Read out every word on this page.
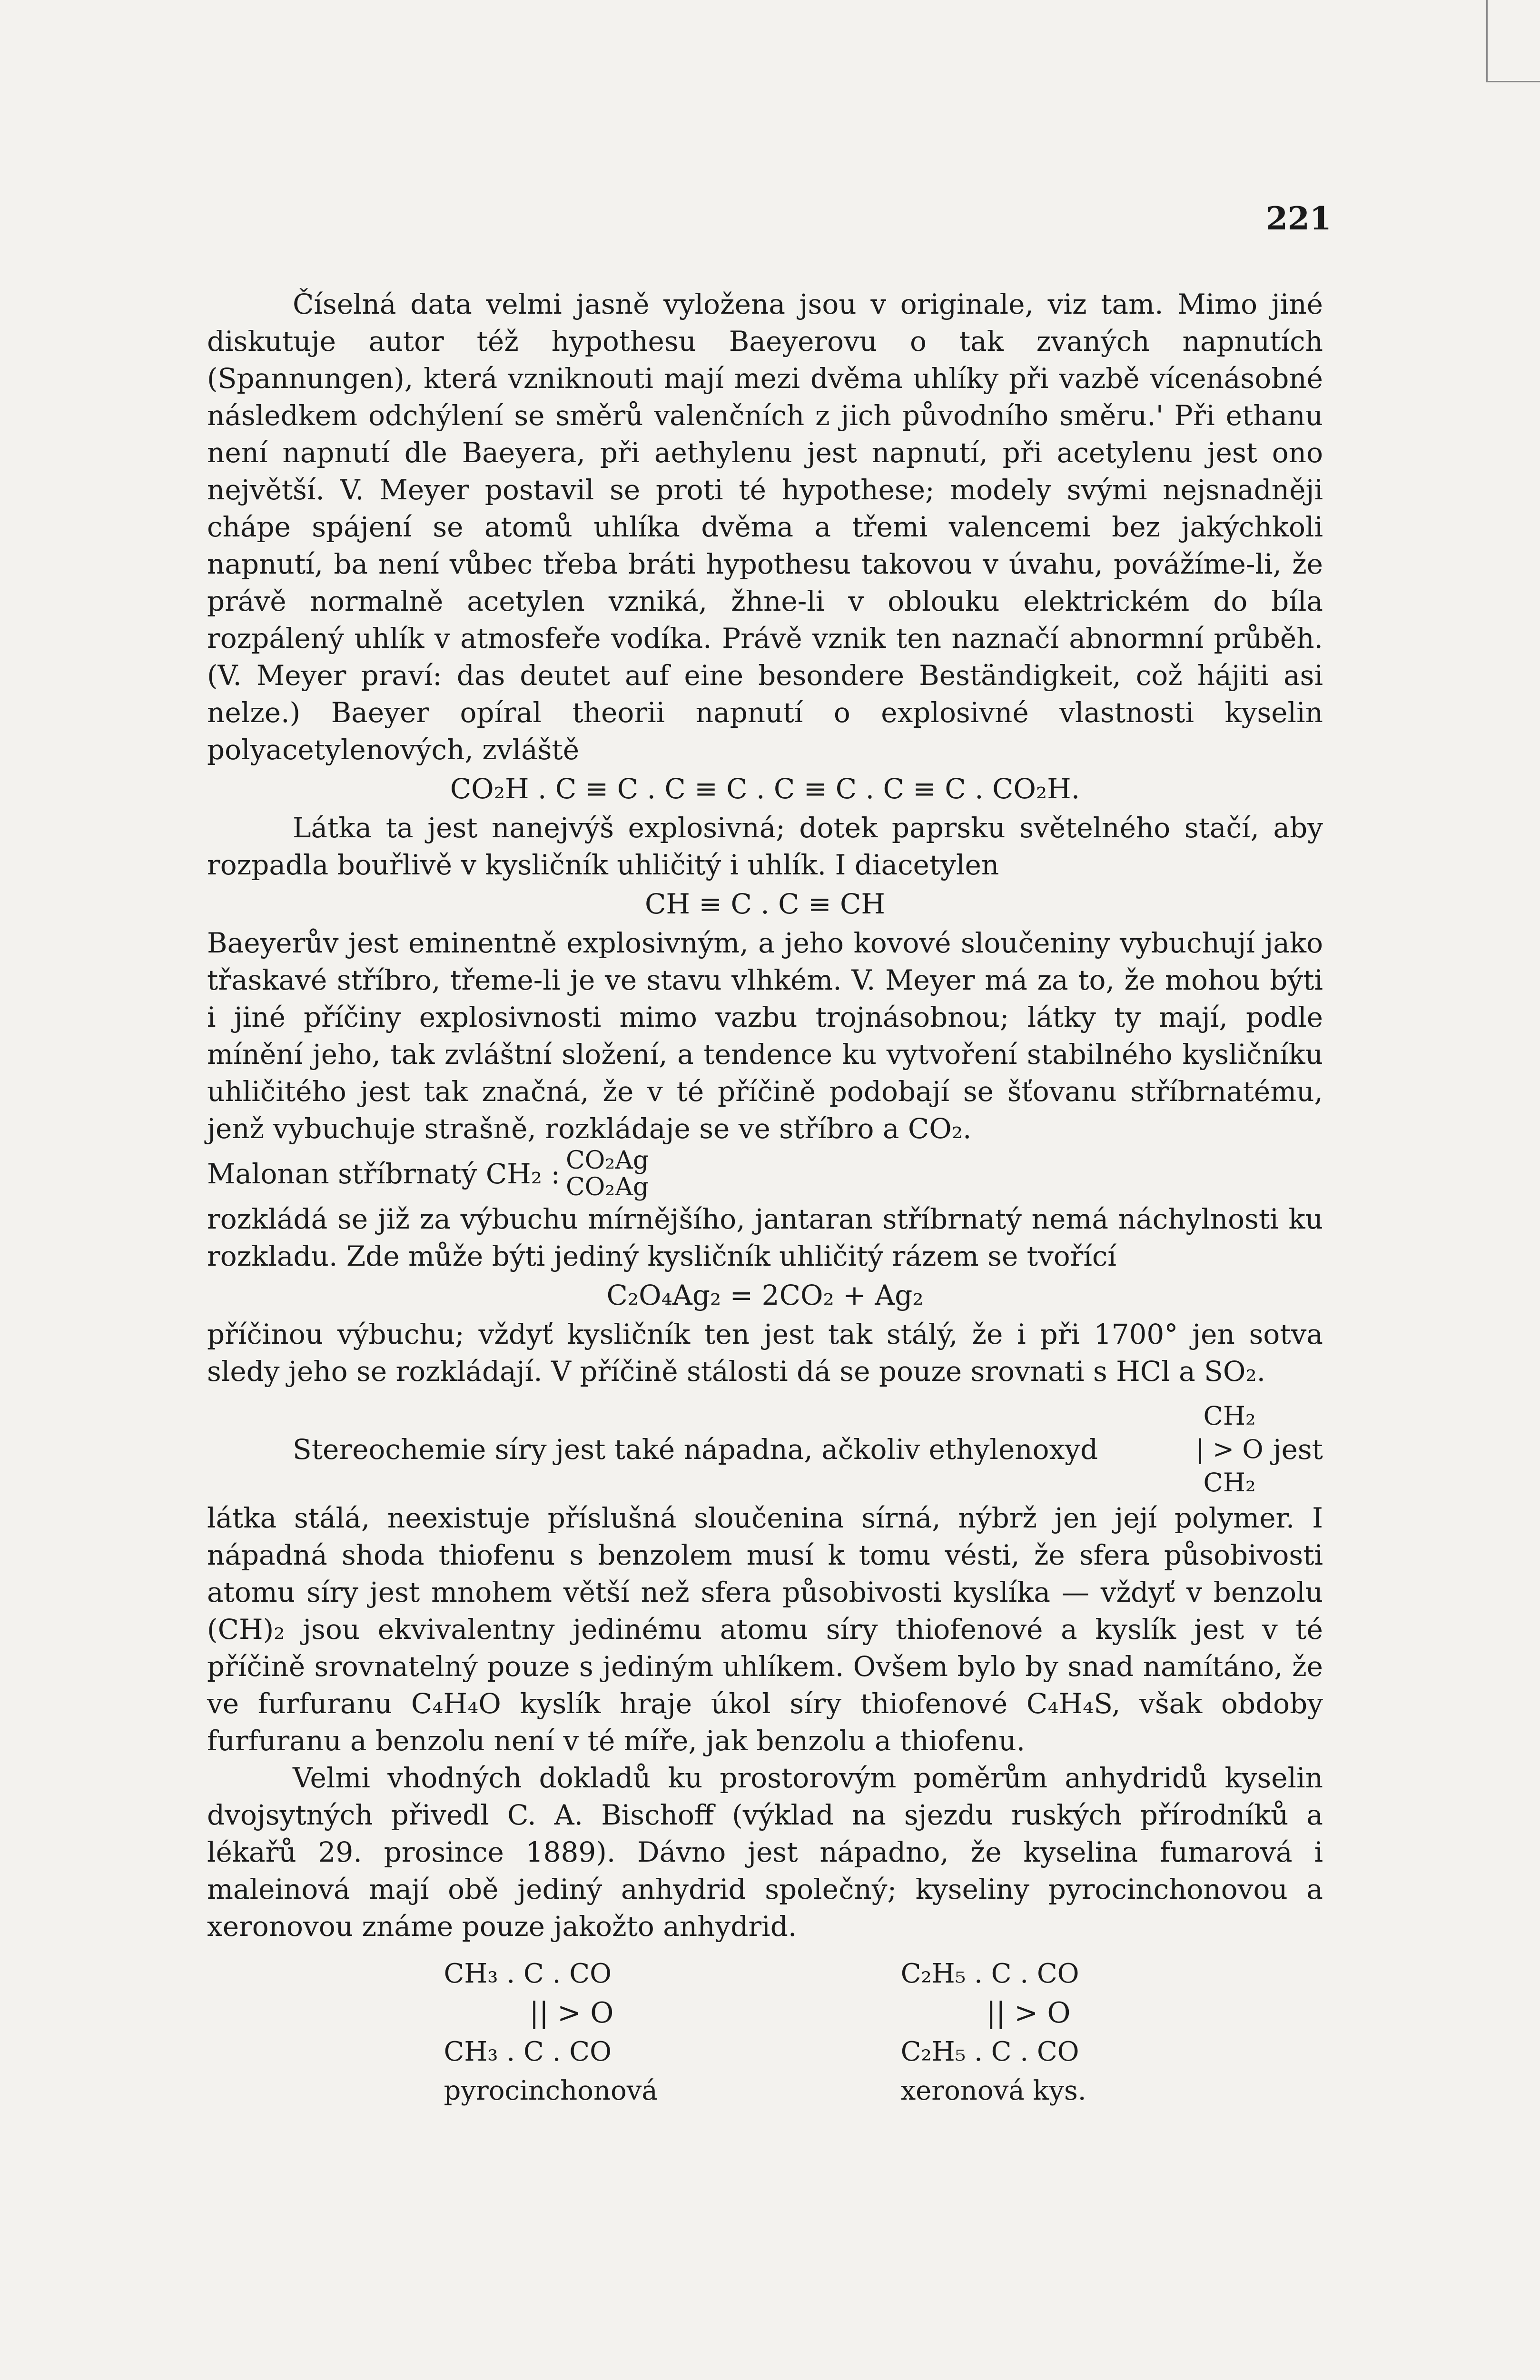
221

Číselná data velmi jasně vyložena jsou v originale, viz tam. Mimo jiné diskutuje autor též hypothesu Baeyerovu o tak zvaných napnutích (Spannungen), která vzniknouti mají mezi dvěma uhlíky při vazbě vícenásobné následkem odchýlení se směrů valenčních z jich původního směru.' Při ethanu není napnutí dle Baeyera, při aethylenu jest napnutí, při acetylenu jest ono největší. V. Meyer postavil se proti té hypothese; modely svými nejsnadněji chápe spájení se atomů uhlíka dvěma a třemi valencemi bez jakýchkoli napnutí, ba není vůbec třeba bráti hypothesu takovou v úvahu, povážíme-li, že právě normalně acetylen vzniká, žhne-li v oblouku elektrickém do bíla rozpálený uhlík v atmosfeře vodíka. Právě vznik ten naznačí abnormní průběh. (V. Meyer praví: das deutet auf eine besondere Beständigkeit, což hájiti asi nelze.) Baeyer opíral theorii napnutí o explosivné vlastnosti kyselin polyacetylenových, zvláště

CO₂H . C ≡ C . C ≡ C . C ≡ C . C ≡ C . CO₂H.

Látka ta jest nanejvýš explosivná; dotek paprsku světelného stačí, aby rozpadla bouřlivě v kysličník uhličitý i uhlík. I diacetylen

CH ≡ C . C ≡ CH

Baeyerův jest eminentně explosivným, a jeho kovové sloučeniny vybuchují jako třaskavé stříbro, třeme-li je ve stavu vlhkém. V. Meyer má za to, že mohou býti i jiné příčiny explosivnosti mimo vazbu trojnásobnou; látky ty mají, podle mínění jeho, tak zvláštní složení, a tendence ku vytvoření stabilného kysličníku uhličitého jest tak značná, že v té příčině podobají se šťovanu stříbrnatému, jenž vybuchuje strašně, rozkládaje se ve stříbro a CO₂.

Malonan stříbrnatý CH₂ : CO₂Ag
CO₂Ag

rozkládá se již za výbuchu mírnějšího, jantaran stříbrnatý nemá náchylnosti ku rozkladu. Zde může býti jediný kysličník uhličitý rázem se tvořící

C₂O₄Ag₂ = 2CO₂ + Ag₂

příčinou výbuchu; vždyť kysličník ten jest tak stálý, že i při 1700° jen sotva sledy jeho se rozkládají. V příčině stálosti dá se pouze srovnati s HCl a SO₂.

Stereochemie síry jest také nápadna, ačkoliv ethylenoxyd
CH₂
| > O
CH₂
jest

látka stálá, neexistuje příslušná sloučenina sírná, nýbrž jen její polymer. I nápadná shoda thiofenu s benzolem musí k tomu vésti, že sfera působivosti atomu síry jest mnohem větší než sfera působivosti kyslíka — vždyť v benzolu (CH)₂ jsou ekvivalentny jedinému atomu síry thiofenové a kyslík jest v té příčině srovnatelný pouze s jediným uhlíkem. Ovšem bylo by snad namítáno, že ve furfuranu C₄H₄O kyslík hraje úkol síry thiofenové C₄H₄S, však obdoby furfuranu a benzolu není v té míře, jak benzolu a thiofenu.

Velmi vhodných dokladů ku prostorovým poměrům anhydridů kyselin dvojsytných přivedl C. A. Bischoff (výklad na sjezdu ruských přírodníků a lékařů 29. prosince 1889). Dávno jest nápadno, že kyselina fumarová i maleinová mají obě jediný anhydrid společný; kyseliny pyrocinchonovou a xeronovou známe pouze jakožto anhydrid.

CH₃ . C . CO
|| > O
CH₃ . C . CO
pyrocinchonová
C₂H₅ . C . CO
|| > O
C₂H₅ . C . CO
xeronová kys.
